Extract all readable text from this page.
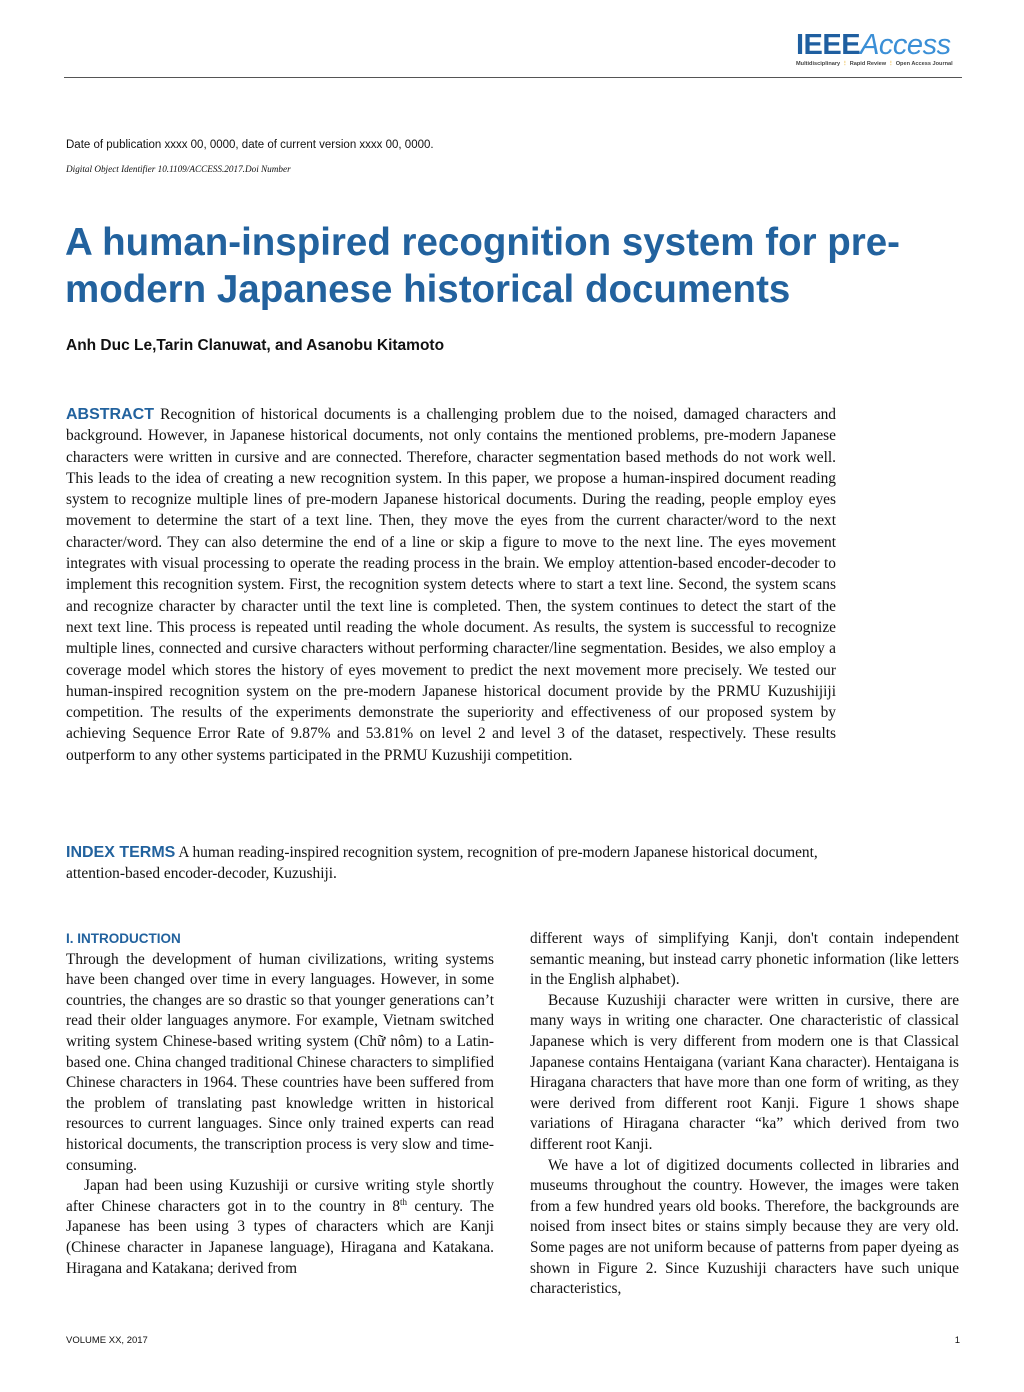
IEEEAccess
Multidisciplinary ⋮ Rapid Review ⋮ Open Access Journal
Date of publication xxxx 00, 0000, date of current version xxxx 00, 0000.
Digital Object Identifier 10.1109/ACCESS.2017.Doi Number
A human-inspired recognition system for pre-modern Japanese historical documents

Anh Duc Le,Tarin Clanuwat, and Asanobu Kitamoto

ABSTRACT Recognition of historical documents is a challenging problem due to the noised, damaged characters and background. However, in Japanese historical documents, not only contains the mentioned problems, pre-modern Japanese characters were written in cursive and are connected. Therefore, character segmentation based methods do not work well. This leads to the idea of creating a new recognition system. In this paper, we propose a human-inspired document reading system to recognize multiple lines of pre-modern Japanese historical documents. During the reading, people employ eyes movement to determine the start of a text line. Then, they move the eyes from the current character/word to the next character/word. They can also determine the end of a line or skip a figure to move to the next line. The eyes movement integrates with visual processing to operate the reading process in the brain. We employ attention-based encoder-decoder to implement this recognition system. First, the recognition system detects where to start a text line. Second, the system scans and recognize character by character until the text line is completed. Then, the system continues to detect the start of the next text line. This process is repeated until reading the whole document. As results, the system is successful to recognize multiple lines, connected and cursive characters without performing character/line segmentation. Besides, we also employ a coverage model which stores the history of eyes movement to predict the next movement more precisely. We tested our human-inspired recognition system on the pre-modern Japanese historical document provide by the PRMU Kuzushijiji competition. The results of the experiments demonstrate the superiority and effectiveness of our proposed system by achieving Sequence Error Rate of 9.87% and 53.81% on level 2 and level 3 of the dataset, respectively. These results outperform to any other systems participated in the PRMU Kuzushiji competition.

INDEX TERMS A human reading-inspired recognition system, recognition of pre-modern Japanese historical document, attention-based encoder-decoder, Kuzushiji.

I. INTRODUCTION

Through the development of human civilizations, writing systems have been changed over time in every languages. However, in some countries, the changes are so drastic so that younger generations can’t read their older languages anymore. For example, Vietnam switched writing system Chinese-based writing system (Chữ nôm) to a Latin-based one. China changed traditional Chinese characters to simplified Chinese characters in 1964. These countries have been suffered from the problem of translating past knowledge written in historical resources to current languages. Since only trained experts can read historical documents, the transcription process is very slow and time-consuming.

Japan had been using Kuzushiji or cursive writing style shortly after Chinese characters got in to the country in 8th century. The Japanese has been using 3 types of characters which are Kanji (Chinese character in Japanese language), Hiragana and Katakana. Hiragana and Katakana; derived from

different ways of simplifying Kanji, don't contain independent semantic meaning, but instead carry phonetic information (like letters in the English alphabet).

Because Kuzushiji character were written in cursive, there are many ways in writing one character. One characteristic of classical Japanese which is very different from modern one is that Classical Japanese contains Hentaigana (variant Kana character). Hentaigana is Hiragana characters that have more than one form of writing, as they were derived from different root Kanji. Figure 1 shows shape variations of Hiragana character “ka” which derived from two different root Kanji.

We have a lot of digitized documents collected in libraries and museums throughout the country. However, the images were taken from a few hundred years old books. Therefore, the backgrounds are noised from insect bites or stains simply because they are very old. Some pages are not uniform because of patterns from paper dyeing as shown in Figure 2. Since Kuzushiji characters have such unique characteristics,

VOLUME XX, 2017	1
